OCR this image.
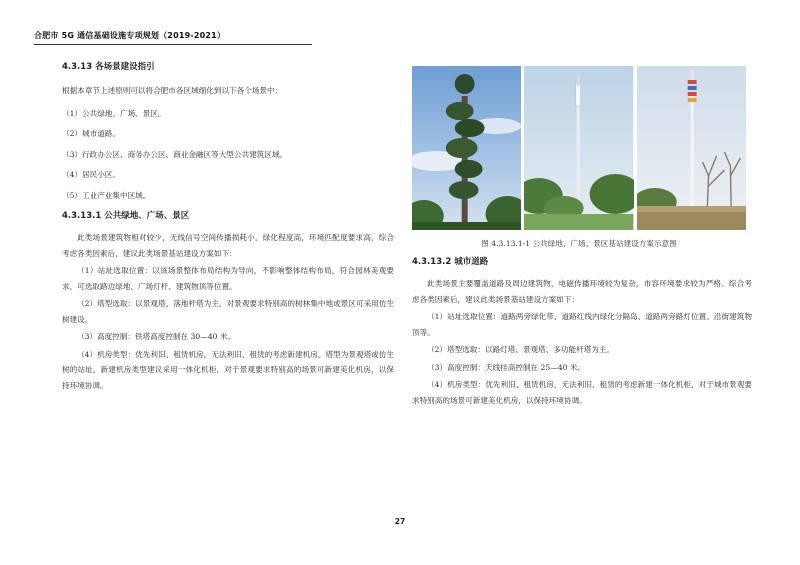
合肥市 5G 通信基础设施专项规划（2019-2021）
4.3.13 各场景建设指引
根据本章节上述原则可以将合肥市各区域细化到以下各个场景中：
（1）公共绿地、广场、景区。
（2）城市道路。
（3）行政办公区、商务办公区、商业金融区等大型公共建筑区域。
（4）居民小区。
（5）工业产业集中区域。
4.3.13.1 公共绿地、广场、景区

此类场景建筑物相对较少，无线信号空间传播损耗小，绿化程度高，环境匹配度要求高，综合考虑各类因素后，建议此类场景基站建设方案如下：

（1）站址选取位置：以该场景整体布局结构为导向，不影响整体结构布局，符合园林美观要求，可选取路边绿地、广场灯杆、建筑物顶等位置。

（2）塔型选取：以景观塔、落地杆塔为主，对景观要求特别高的树林集中地或景区可采用仿生树建设。

（3）高度控制：铁塔高度控制在 30—40 米。

（4）机房类型：优先利旧、租赁机房，无法利旧、租赁的考虑新建机房。塔型为景观塔或仿生树的站址，新建机房类型建议采用一体化机柜，对于景观要求特别高的场景可新建美化机房，以保持环境协调。

图 4.3.13.1-1 公共绿地、广场、景区基站建设方案示意图
4.3.13.2 城市道路

此类场景主要覆盖道路及周边建筑物，电磁传播环境较为复杂，市容环境要求较为严格。综合考虑各类因素后，建议此类场景基站建设方案如下：

（1）站址选取位置：道路两旁绿化带、道路红线内绿化分隔岛、道路两旁路灯位置、沿街建筑物顶等。

（2）塔型选取：以路灯塔、景观塔、多功能杆塔为主。

（3）高度控制：天线挂高控制在 25—40 米。

（4）机房类型：优先利旧、租赁机房，无法利旧、租赁的考虑新建一体化机柜，对于城市景观要求特别高的场景可新建美化机房，以保持环境协调。

27
